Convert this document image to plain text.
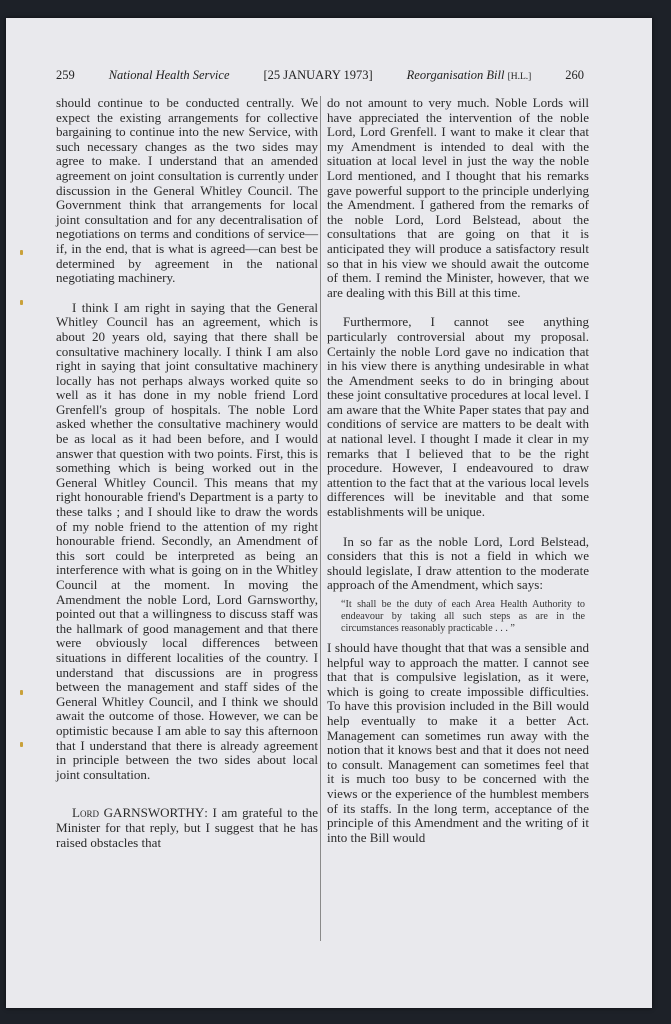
259	National Health Service	[25 JANUARY 1973]	Reorganisation Bill [H.L.]	260

should continue to be conducted centrally. We expect the existing arrangements for collective bargaining to continue into the new Service, with such necessary changes as the two sides may agree to make. I understand that an amended agreement on joint consultation is currently under discussion in the General Whitley Council. The Government think that arrangements for local joint consultation and for any decentralisation of negotiations on terms and conditions of service—if, in the end, that is what is agreed—can best be determined by agreement in the national negotiating machinery.

I think I am right in saying that the General Whitley Council has an agreement, which is about 20 years old, saying that there shall be consultative machinery locally. I think I am also right in saying that joint consultative machinery locally has not perhaps always worked quite so well as it has done in my noble friend Lord Grenfell's group of hospitals. The noble Lord asked whether the consultative machinery would be as local as it had been before, and I would answer that question with two points. First, this is something which is being worked out in the General Whitley Council. This means that my right honourable friend's Department is a party to these talks ; and I should like to draw the words of my noble friend to the attention of my right honourable friend. Secondly, an Amendment of this sort could be interpreted as being an interference with what is going on in the Whitley Council at the moment. In moving the Amendment the noble Lord, Lord Garnsworthy, pointed out that a willingness to discuss staff was the hallmark of good management and that there were obviously local differences between situations in different localities of the country. I understand that discussions are in progress between the management and staff sides of the General Whitley Council, and I think we should await the outcome of those. However, we can be optimistic because I am able to say this afternoon that I understand that there is already agreement in principle between the two sides about local joint consultation.

Lord GARNSWORTHY: I am grateful to the Minister for that reply, but I suggest that he has raised obstacles that

do not amount to very much. Noble Lords will have appreciated the intervention of the noble Lord, Lord Grenfell. I want to make it clear that my Amendment is intended to deal with the situation at local level in just the way the noble Lord mentioned, and I thought that his remarks gave powerful support to the principle underlying the Amendment. I gathered from the remarks of the noble Lord, Lord Belstead, about the consultations that are going on that it is anticipated they will produce a satisfactory result so that in his view we should await the outcome of them. I remind the Minister, however, that we are dealing with this Bill at this time.

Furthermore, I cannot see anything particularly controversial about my proposal. Certainly the noble Lord gave no indication that in his view there is anything undesirable in what the Amendment seeks to do in bringing about these joint consultative procedures at local level. I am aware that the White Paper states that pay and conditions of service are matters to be dealt with at national level. I thought I made it clear in my remarks that I believed that to be the right procedure. However, I endeavoured to draw attention to the fact that at the various local levels differences will be inevitable and that some establishments will be unique.

In so far as the noble Lord, Lord Belstead, considers that this is not a field in which we should legislate, I draw attention to the moderate approach of the Amendment, which says:

“It shall be the duty of each Area Health Authority to endeavour by taking all such steps as are in the circumstances reasonably practicable . . . ”

I should have thought that that was a sensible and helpful way to approach the matter. I cannot see that that is compulsive legislation, as it were, which is going to create impossible difficulties. To have this provision included in the Bill would help eventually to make it a better Act. Management can sometimes run away with the notion that it knows best and that it does not need to consult. Management can sometimes feel that it is much too busy to be concerned with the views or the experience of the humblest members of its staffs. In the long term, acceptance of the principle of this Amendment and the writing of it into the Bill would
